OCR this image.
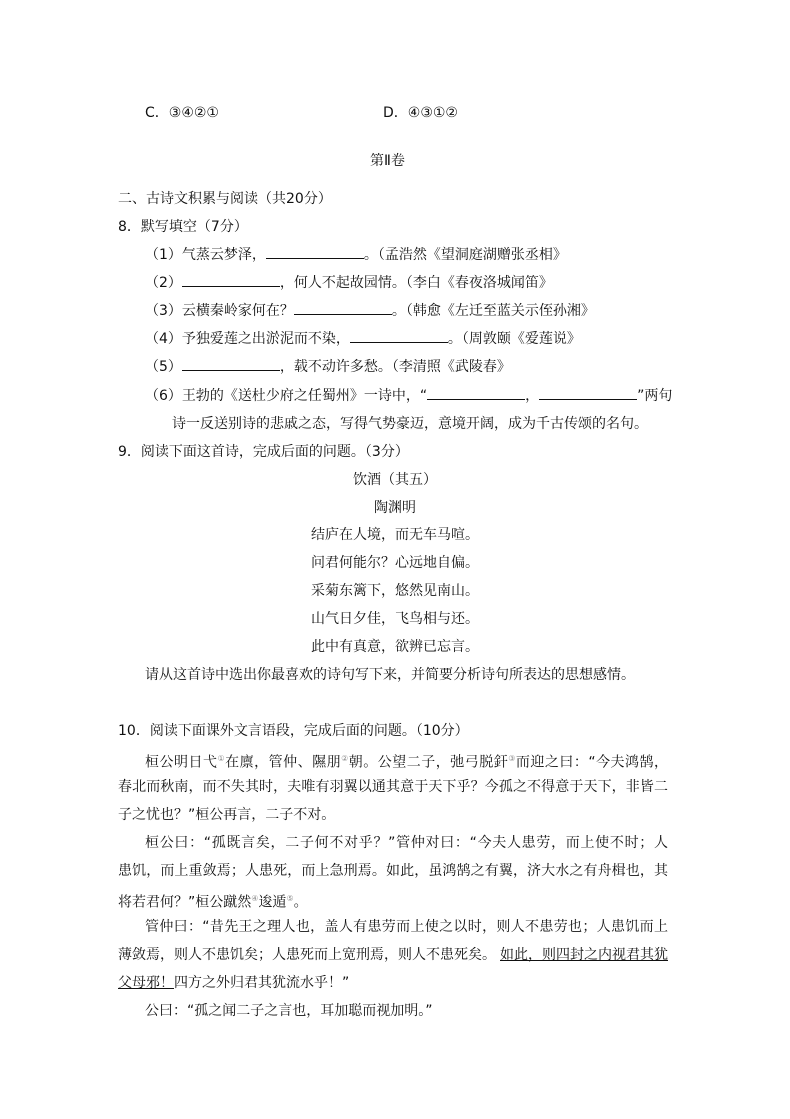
C．③④②①	D．④③①②
第Ⅱ卷
二、古诗文积累与阅读（共20分）
8．默写填空（7分）
（1）气蒸云梦泽，	。（孟浩然《望洞庭湖赠张丞相》
（2）	，何人不起故园情。（李白《春夜洛城闻笛》
（3）云横秦岭家何在？	。（韩愈《左迁至蓝关示侄孙湘》
（4）予独爱莲之出淤泥而不染，	。（周敦颐《爱莲说》
（5）	，载不动许多愁。（李清照《武陵春》
（6）王勃的《送杜少府之任蜀州》一诗中，“	，	”两句
诗一反送别诗的悲戚之态，写得气势豪迈，意境开阔，成为千古传颂的名句。
9．阅读下面这首诗，完成后面的问题。（3分）
饮酒（其五）
陶渊明
结庐在人境，而无车马喧。
问君何能尔？心远地自偏。
采菊东篱下，悠然见南山。
山气日夕佳，飞鸟相与还。
此中有真意，欲辨已忘言。
请从这首诗中选出你最喜欢的诗句写下来，并简要分析诗句所表达的思想感情。
10．阅读下面课外文言语段，完成后面的问题。（10分）
桓公明日弋①在廪，管仲、隰朋②朝。公望二子，弛弓脱釬③而迎之曰：“今夫鸿鹄，
春北而秋南，而不失其时，夫唯有羽翼以通其意于天下乎？今孤之不得意于天下，非皆二
子之忧也？”桓公再言，二子不对。
桓公曰：“孤既言矣，二子何不对乎？”管仲对曰：“今夫人患劳，而上使不时；人
患饥，而上重敛焉；人患死，而上急刑焉。如此，虽鸿鹄之有翼，济大水之有舟楫也，其
将若君何？”桓公蹴然④逡遁⑤。
管仲曰：“昔先王之理人也，盖人有患劳而上使之以时，则人不患劳也；人患饥而上
薄敛焉，则人不患饥矣；人患死而上宽刑焉，则人不患死矣。 如此，则四封之内视君其犹
父母邪！四方之外归君其犹流水乎！”
公曰：“孤之闻二子之言也，耳加聪而视加明。”
